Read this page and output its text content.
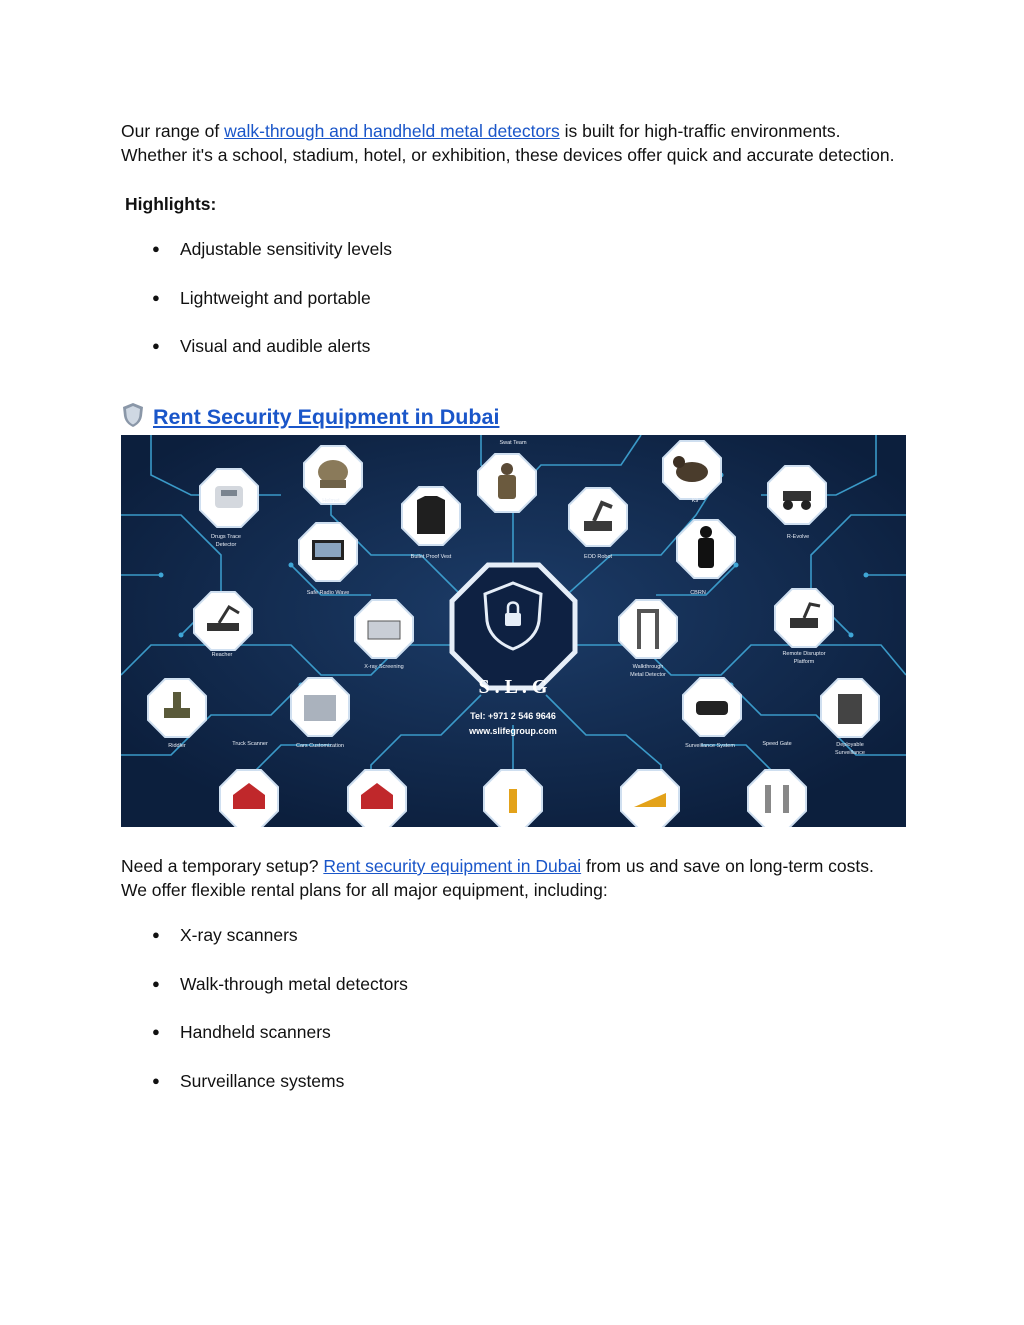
Our range of walk-through and handheld metal detectors is built for high-traffic environments. Whether it's a school, stadium, hotel, or exhibition, these devices offer quick and accurate detection.

Highlights:
● Adjustable sensitivity levels
● Lightweight and portable
● Visual and audible alerts
Rent Security Equipment in Dubai
S . L . G
Tel: +971 2 546 9646
www.slifegroup.com
Swat Team
Helmet
Drugs Trace
Detector
Bullet Proof Vest
K9
EOD Robot
R-Evolve
Safe Radio Wave	CBRN
Reacher
X-ray Screening	Walkthrough
Metal Detector
Remote Disruptor
Platform
Riddler	Truck Scanner	Cars Customization	Surveillance System	Speed Gate	Deployable
Surveillance

Need a temporary setup? Rent security equipment in Dubai from us and save on long-term costs. We offer flexible rental plans for all major equipment, including:

● X-ray scanners
● Walk-through metal detectors
● Handheld scanners
● Surveillance systems
